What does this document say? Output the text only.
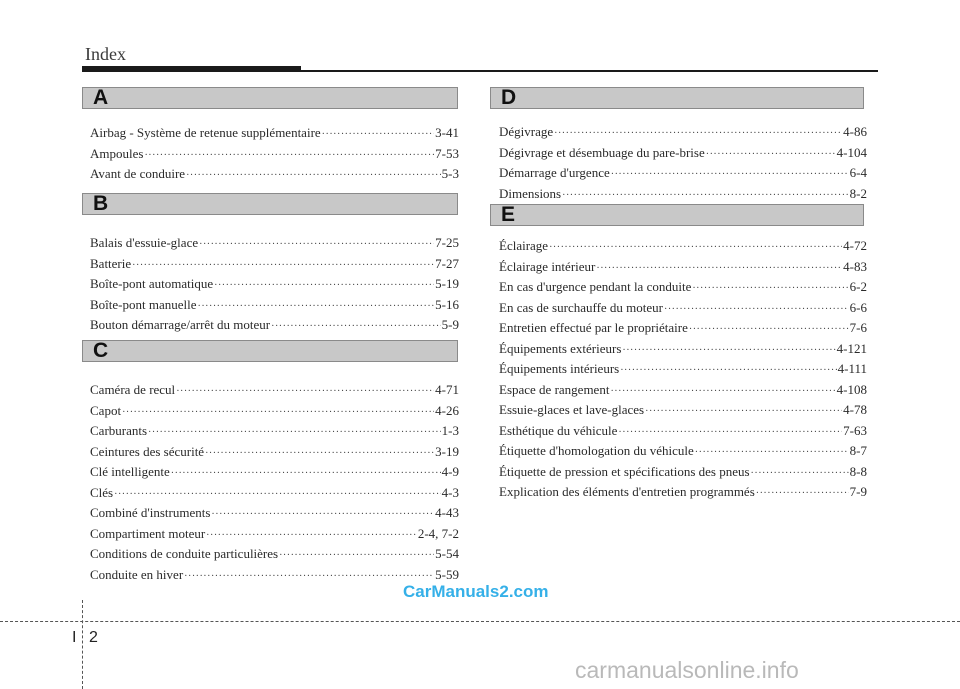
Index
A
Airbag - Système de retenue supplémentaire ·····	3-41
Ampoules ·····	7-53
Avant de conduire ·····	5-3
B
Balais d'essuie-glace ·····	7-25
Batterie ·····	7-27
Boîte-pont automatique ·····	5-19
Boîte-pont manuelle ·····	5-16
Bouton démarrage/arrêt du moteur ·····	5-9
C
Caméra de recul ·····	4-71
Capot ·····	4-26
Carburants ·····	1-3
Ceintures des sécurité ·····	3-19
Clé intelligente ·····	4-9
Clés ·····	4-3
Combiné d'instruments ·····	4-43
Compartiment moteur ·····	2-4, 7-2
Conditions de conduite particulières ·····	5-54
Conduite en hiver ·····	5-59
D
Dégivrage ·····	4-86
Dégivrage et désembuage du pare-brise ·····	4-104
Démarrage d'urgence ·····	6-4
Dimensions ·····	8-2
E
Éclairage ·····	4-72
Éclairage intérieur ·····	4-83
En cas d'urgence pendant la conduite ·····	6-2
En cas de surchauffe du moteur ·····	6-6
Entretien effectué par le propriétaire ·····	7-6
Équipements extérieurs ·····	4-121
Équipements intérieurs ·····	4-111
Espace de rangement ·····	4-108
Essuie-glaces et lave-glaces ·····	4-78
Esthétique du véhicule ·····	7-63
Étiquette d'homologation du véhicule ·····	8-7
Étiquette de pression et spécifications des pneus ·····	8-8
Explication des éléments d'entretien programmés ·····	7-9
CarManuals2.com
I 2
carmanualsonline.info
